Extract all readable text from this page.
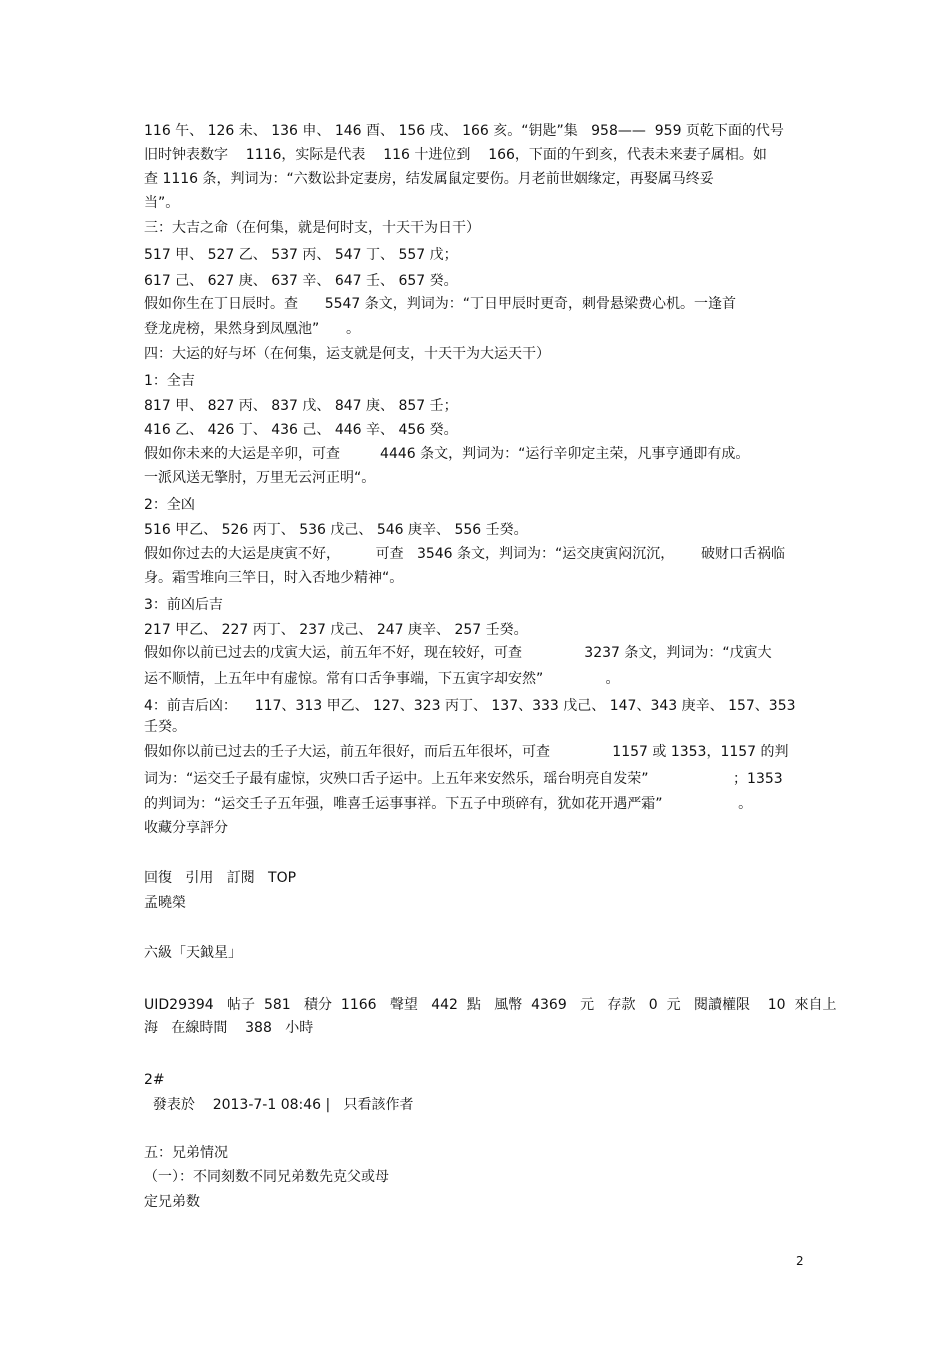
116 午、 126 未、 136 申、 146 酉、 156 戌、 166 亥。“钥匙”集   958——  959 页乾下面的代号
旧时钟表数字    1116，实际是代表    116 十进位到    166，下面的午到亥，代表未来妻子属相。如
查 1116 条，判词为：“六数讼卦定妻房，结发属鼠定要伤。月老前世姻缘定，再娶属马终妥
当”。
三：大吉之命（在何集，就是何时支，十天干为日干）
517 甲、 527 乙、 537 丙、 547 丁、 557 戊；
617 己、 627 庚、 637 辛、 647 壬、 657 癸。
假如你生在丁日辰时。查      5547 条文，判词为：“丁日甲辰时更奇，刺骨悬梁费心机。一逢首
登龙虎榜，果然身到凤凰池”      。
四：大运的好与坏（在何集，运支就是何支，十天干为大运天干）
1：全吉
817 甲、 827 丙、 837 戊、 847 庚、 857 壬；
416 乙、 426 丁、 436 己、 446 辛、 456 癸。
假如你未来的大运是辛卯，可查         4446 条文，判词为：“运行辛卯定主荣，凡事亨通即有成。
一派风送无擎肘，万里无云河正明“。
2：全凶
516 甲乙、 526 丙丁、 536 戊己、 546 庚辛、 556 壬癸。
假如你过去的大运是庚寅不好，        可查   3546 条文，判词为：“运交庚寅闷沉沉，      破财口舌祸临
身。霜雪堆向三竿日，时入否地少精神“。
3：前凶后吉
217 甲乙、 227 丙丁、 237 戊己、 247 庚辛、 257 壬癸。
假如你以前已过去的戊寅大运，前五年不好，现在较好，可查              3237 条文，判词为：“戊寅大
运不顺情，上五年中有虚惊。常有口舌争事端，下五寅字却安然”              。
4：前吉后凶：    117、313 甲乙、 127、323 丙丁、 137、333 戊己、 147、343 庚辛、 157、353
壬癸。
假如你以前已过去的壬子大运，前五年很好，而后五年很坏，可查              1157 或 1353，1157 的判
词为：“运交壬子最有虚惊，灾殃口舌子运中。上五年来安然乐，瑶台明亮自发荣”                   ；1353
的判词为：“运交壬子五年强，唯喜壬运事事祥。下五子中琐碎有，犹如花开遇严霜”                 。
收藏分享評分
回復   引用   訂閱   TOP
孟曉榮
六級「天鉞星」
UID29394   帖子  581   積分  1166   聲望   442  點   風幣  4369   元   存款   0  元   閱讀權限    10  來自上
海   在線時間    388   小時
2#
發表於    2013-7-1 08:46 |   只看該作者
五：兄弟情况
（一）：不同刻数不同兄弟数先克父或母
定兄弟数
2
